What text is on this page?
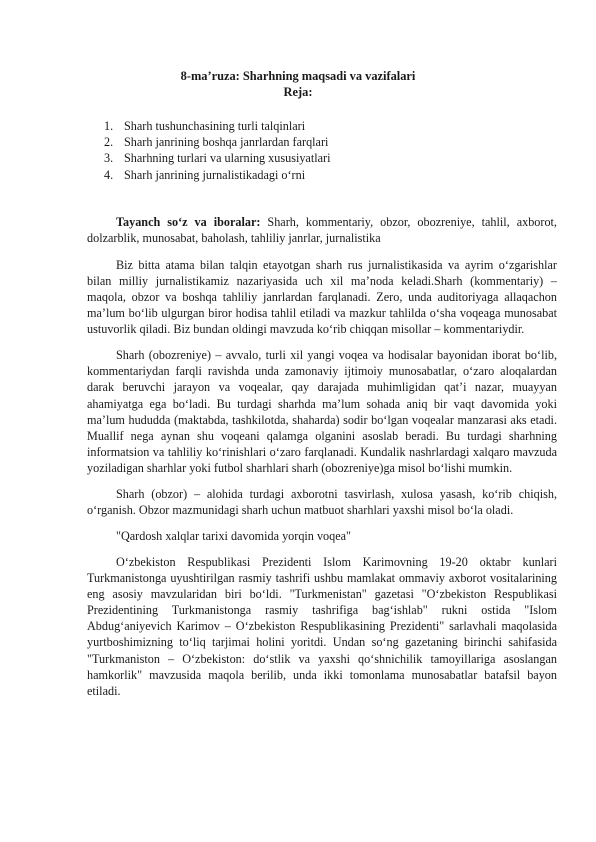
8-ma’ruza: Sharhning maqsadi va vazifalari
Reja:
1. Sharh tushunchasining turli talqinlari
2. Sharh janrining boshqa janrlardan farqlari
3. Sharhning turlari va ularning xususiyatlari
4. Sharh janrining jurnalistikadagi o‘rni

Tayanch so‘z va iboralar: Sharh, kommentariy, obzor, obozreniye, tahlil, axborot, dolzarblik, munosabat, baholash, tahliliy janrlar, jurnalistika

Biz bitta atama bilan talqin etayotgan sharh rus jurnalistikasida va ayrim o‘zgarishlar bilan milliy jurnalistikamiz nazariyasida uch xil ma’noda keladi.Sharh (kommentariy) – maqola, obzor va boshqa tahliliy janrlardan farqlanadi. Zero, unda auditoriyaga allaqachon ma’lum bo‘lib ulgurgan biror hodisa tahlil etiladi va mazkur tahlilda o‘sha voqeaga munosabat ustuvorlik qiladi. Biz bundan oldingi mavzuda ko‘rib chiqqan misollar – kommentariydir.

Sharh (obozreniye) – avvalo, turli xil yangi voqea va hodisalar bayonidan iborat bo‘lib, kommentariydan farqli ravishda unda zamonaviy ijtimoiy munosabatlar, o‘zaro aloqalardan darak beruvchi jarayon va voqealar, qay darajada muhimligidan qat’i nazar, muayyan ahamiyatga ega bo‘ladi. Bu turdagi sharhda ma’lum sohada aniq bir vaqt davomida yoki ma’lum hududda (maktabda, tashkilotda, shaharda) sodir bo‘lgan voqealar manzarasi aks etadi. Muallif nega aynan shu voqeani qalamga olganini asoslab beradi. Bu turdagi sharhning informatsion va tahliliy ko‘rinishlari o‘zaro farqlanadi. Kundalik nashrlardagi xalqaro mavzuda yoziladigan sharhlar yoki futbol sharhlari sharh (obozreniye)ga misol bo‘lishi mumkin.

Sharh (obzor) – alohida turdagi axborotni tasvirlash, xulosa yasash, ko‘rib chiqish, o‘rganish. Obzor mazmunidagi sharh uchun matbuot sharhlari yaxshi misol bo‘la oladi.

"Qardosh xalqlar tarixi davomida yorqin voqea"

O‘zbekiston Respublikasi Prezidenti Islom Karimovning 19-20 oktabr kunlari Turkmanistonga uyushtirilgan rasmiy tashrifi ushbu mamlakat ommaviy axborot vositalarining eng asosiy mavzularidan biri bo‘ldi. "Turkmenistan" gazetasi "O‘zbekiston Respublikasi Prezidentining Turkmanistonga rasmiy tashrifiga bag‘ishlab" rukni ostida "Islom Abdug‘aniyevich Karimov – O‘zbekiston Respublikasining Prezidenti" sarlavhali maqolasida yurtboshimizning to‘liq tarjimai holini yoritdi. Undan so‘ng gazetaning birinchi sahifasida "Turkmaniston – O‘zbekiston: do‘stlik va yaxshi qo‘shnichilik tamoyillariga asoslangan hamkorlik" mavzusida maqola berilib, unda ikki tomonlama munosabatlar batafsil bayon etiladi.
